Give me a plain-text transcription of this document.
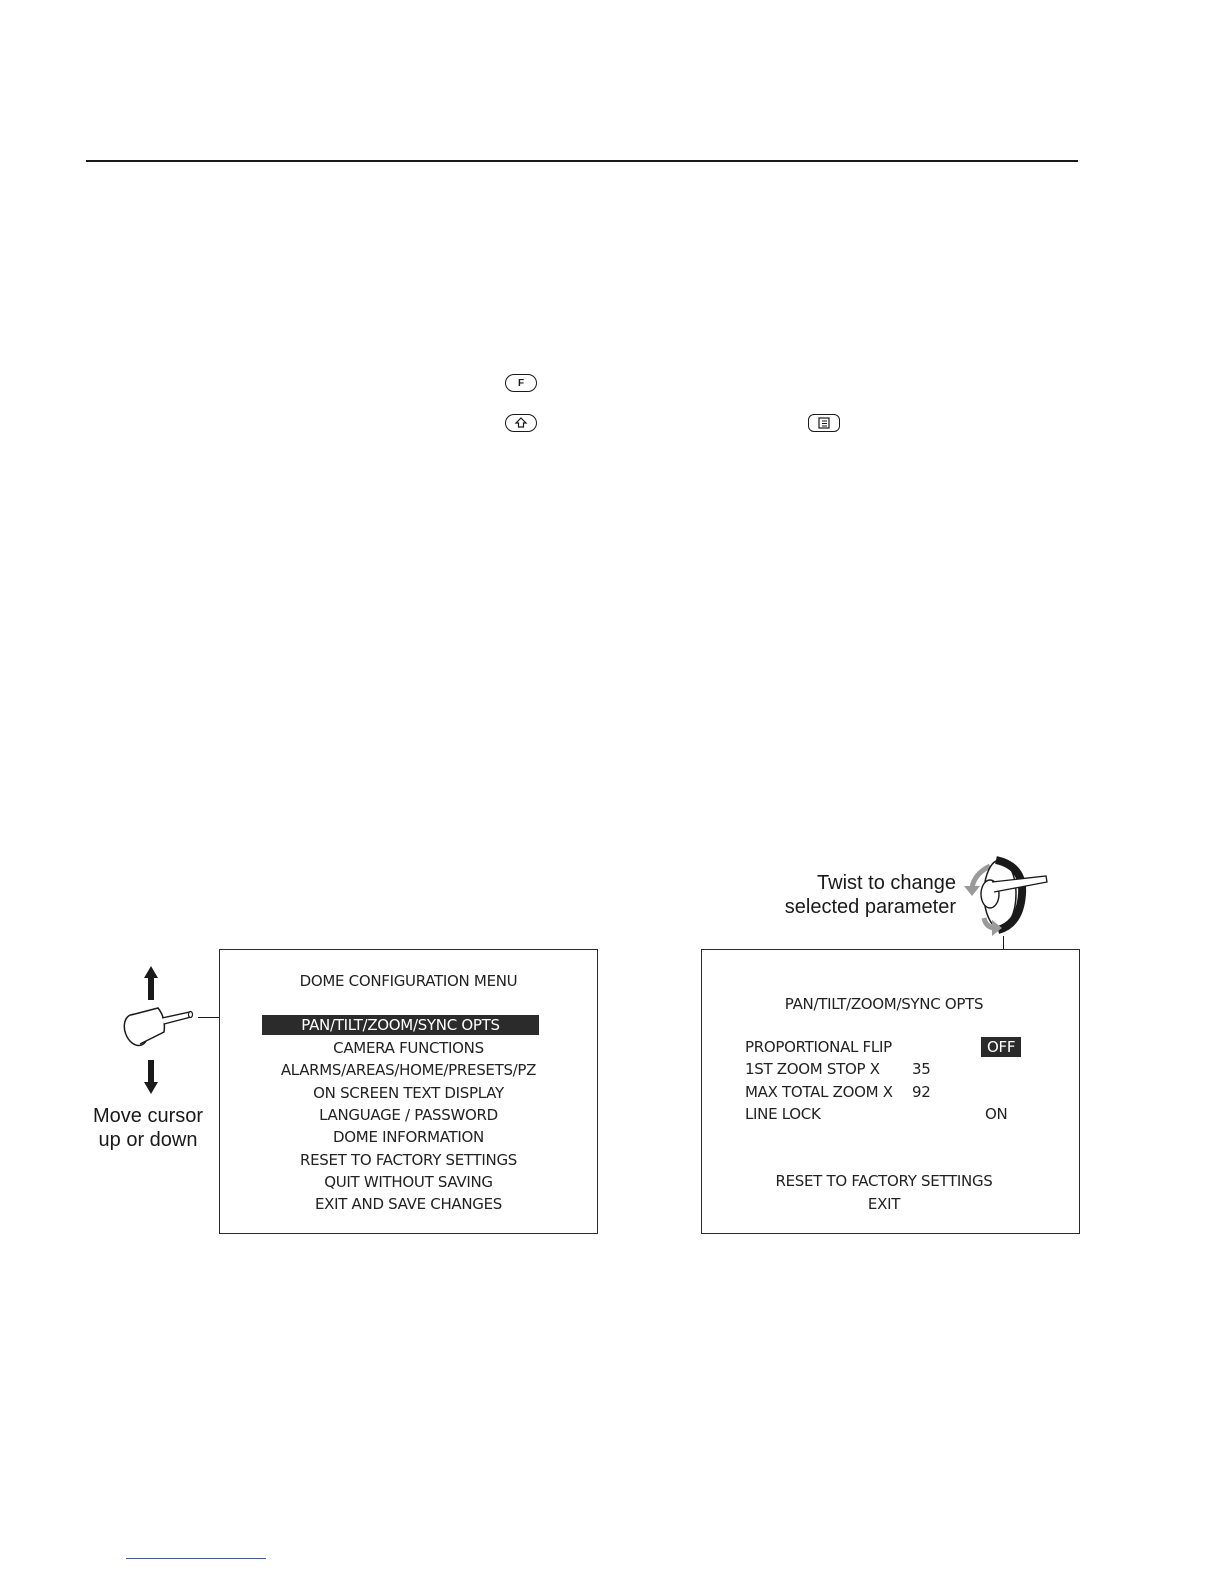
F
Move cursor
up or down
DOME CONFIGURATION MENU
PAN/TILT/ZOOM/SYNC OPTS
CAMERA FUNCTIONS
ALARMS/AREAS/HOME/PRESETS/PZ
ON SCREEN TEXT DISPLAY
LANGUAGE / PASSWORD
DOME INFORMATION
RESET TO FACTORY SETTINGS
QUIT WITHOUT SAVING
EXIT AND SAVE CHANGES
Twist to change
selected parameter
PAN/TILT/ZOOM/SYNC OPTS
PROPORTIONAL FLIP	OFF
1ST ZOOM STOP X 35
MAX TOTAL ZOOM X 92
LINE LOCK	ON
RESET TO FACTORY SETTINGS
EXIT
